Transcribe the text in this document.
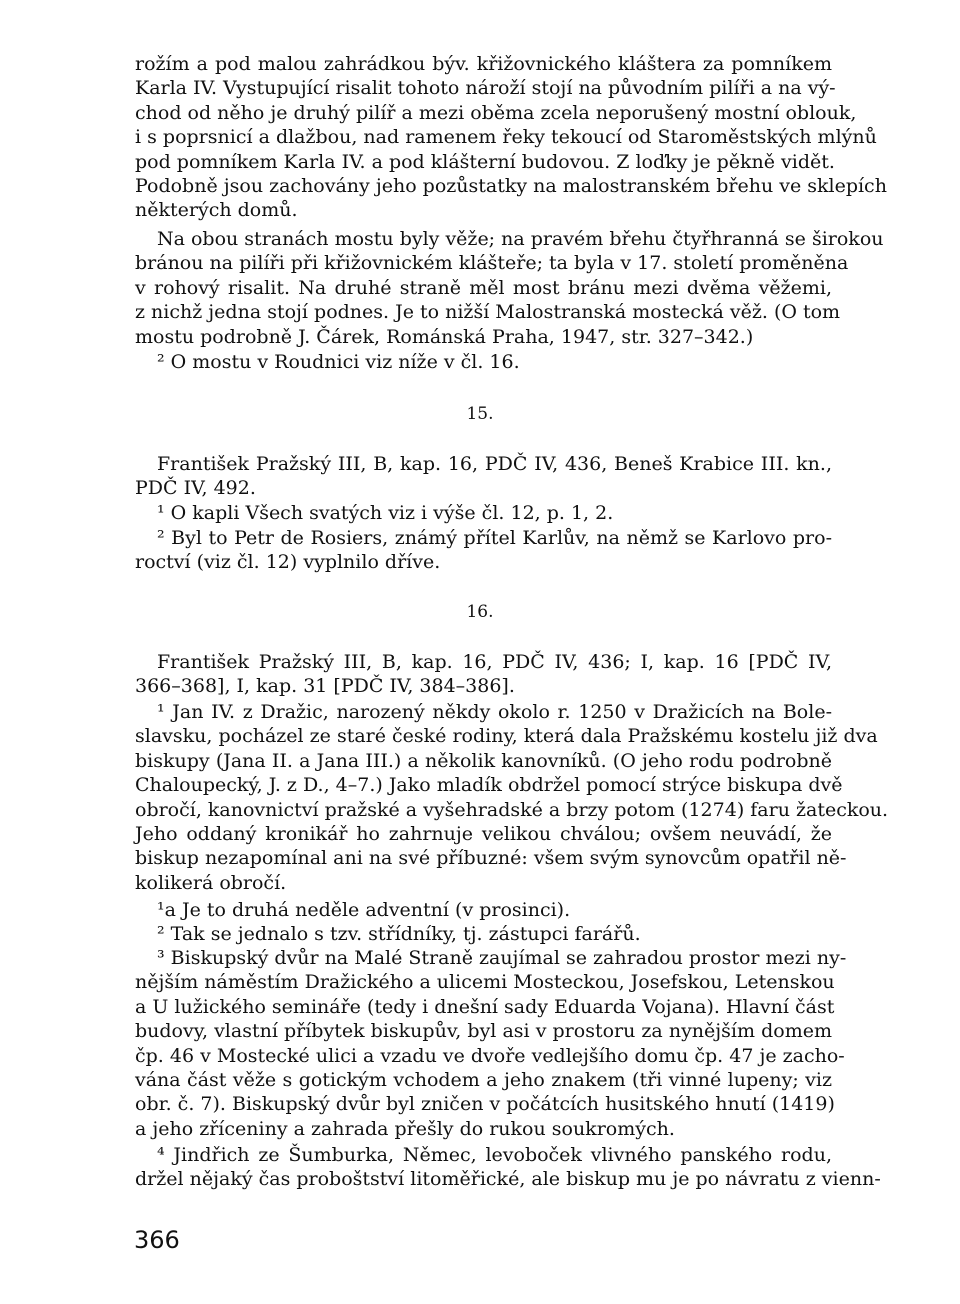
rožím a pod malou zahrádkou býv. křižovnického kláštera za pomníkem
Karla IV. Vystupující risalit tohoto nároží stojí na původním pilíři a na vý-
chod od něho je druhý pilíř a mezi oběma zcela neporušený mostní oblouk,
i s poprsnicí a dlažbou, nad ramenem řeky tekoucí od Staroměstských mlýnů
pod pomníkem Karla IV. a pod klášterní budovou. Z loďky je pěkně vidět.
Podobně jsou zachovány jeho pozůstatky na malostranském břehu ve sklepích
některých domů.
Na obou stranách mostu byly věže; na pravém břehu čtyřhranná se širokou
bránou na pilíři při křižovnickém klášteře; ta byla v 17. století proměněna
v rohový risalit. Na druhé straně měl most bránu mezi dvěma věžemi,
z nichž jedna stojí podnes. Je to nižší Malostranská mostecká věž. (O tom
mostu podrobně J. Čárek, Románská Praha, 1947, str. 327–342.)
² O mostu v Roudnici viz níže v čl. 16.
15.
František Pražský III, B, kap. 16, PDČ IV, 436, Beneš Krabice III. kn.,
PDČ IV, 492.
¹ O kapli Všech svatých viz i výše čl. 12, p. 1, 2.
² Byl to Petr de Rosiers, známý přítel Karlův, na němž se Karlovo pro-
roctví (viz čl. 12) vyplnilo dříve.
16.
František Pražský III, B, kap. 16, PDČ IV, 436; I, kap. 16 [PDČ IV,
366–368], I, kap. 31 [PDČ IV, 384–386].
¹ Jan IV. z Dražic, narozený někdy okolo r. 1250 v Dražicích na Bole-
slavsku, pocházel ze staré české rodiny, která dala Pražskému kostelu již dva
biskupy (Jana II. a Jana III.) a několik kanovníků. (O jeho rodu podrobně
Chaloupecký, J. z D., 4–7.) Jako mladík obdržel pomocí strýce biskupa dvě
obročí, kanovnictví pražské a vyšehradské a brzy potom (1274) faru žateckou.
Jeho oddaný kronikář ho zahrnuje velikou chválou; ovšem neuvádí, že
biskup nezapomínal ani na své příbuzné: všem svým synovcům opatřil ně-
kolikerá obročí.
¹a Je to druhá neděle adventní (v prosinci).
² Tak se jednalo s tzv. střídníky, tj. zástupci farářů.
³ Biskupský dvůr na Malé Straně zaujímal se zahradou prostor mezi ny-
nějším náměstím Dražického a ulicemi Mosteckou, Josefskou, Letenskou
a U lužického semináře (tedy i dnešní sady Eduarda Vojana). Hlavní část
budovy, vlastní příbytek biskupův, byl asi v prostoru za nynějším domem
čp. 46 v Mostecké ulici a vzadu ve dvoře vedlejšího domu čp. 47 je zacho-
vána část věže s gotickým vchodem a jeho znakem (tři vinné lupeny; viz
obr. č. 7). Biskupský dvůr byl zničen v počátcích husitského hnutí (1419)
a jeho zříceniny a zahrada přešly do rukou soukromých.
⁴ Jindřich ze Šumburka, Němec, levoboček vlivného panského rodu,
držel nějaký čas proboštství litoměřické, ale biskup mu je po návratu z vienn-
366
